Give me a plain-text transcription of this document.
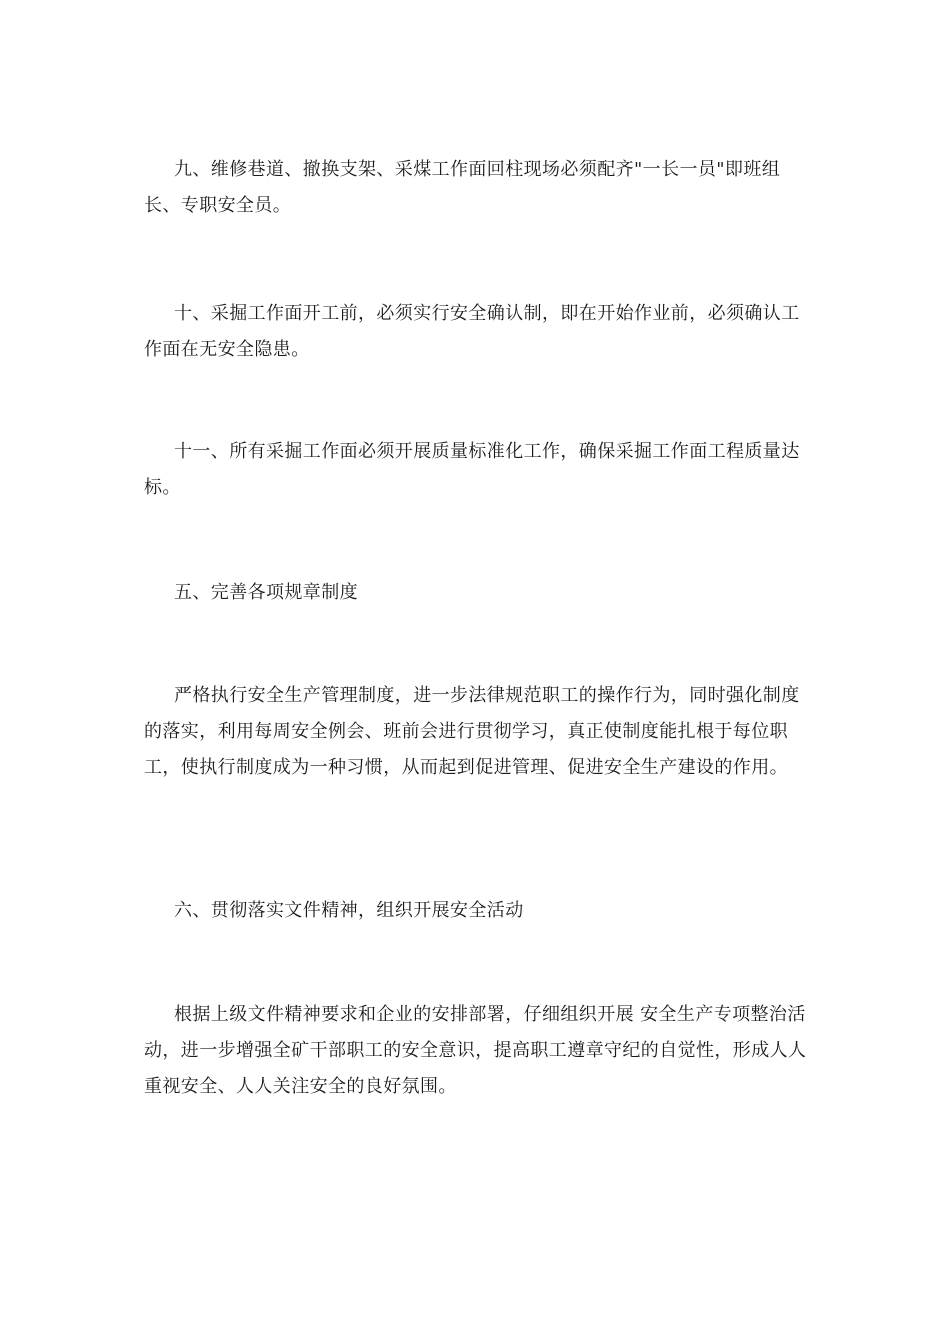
九、维修巷道、撤换支架、采煤工作面回柱现场必须配齐"一长一员"即班组长、专职安全员。

十、采掘工作面开工前，必须实行安全确认制，即在开始作业前，必须确认工作面在无安全隐患。

十一、所有采掘工作面必须开展质量标准化工作，确保采掘工作面工程质量达标。

五、完善各项规章制度

严格执行安全生产管理制度，进一步法律规范职工的操作行为，同时强化制度的落实，利用每周安全例会、班前会进行贯彻学习，真正使制度能扎根于每位职工，使执行制度成为一种习惯，从而起到促进管理、促进安全生产建设的作用。

六、贯彻落实文件精神，组织开展安全活动

根据上级文件精神要求和企业的安排部署，仔细组织开展 安全生产专项整治活动，进一步增强全矿干部职工的安全意识，提高职工遵章守纪的自觉性，形成人人重视安全、人人关注安全的良好氛围。
